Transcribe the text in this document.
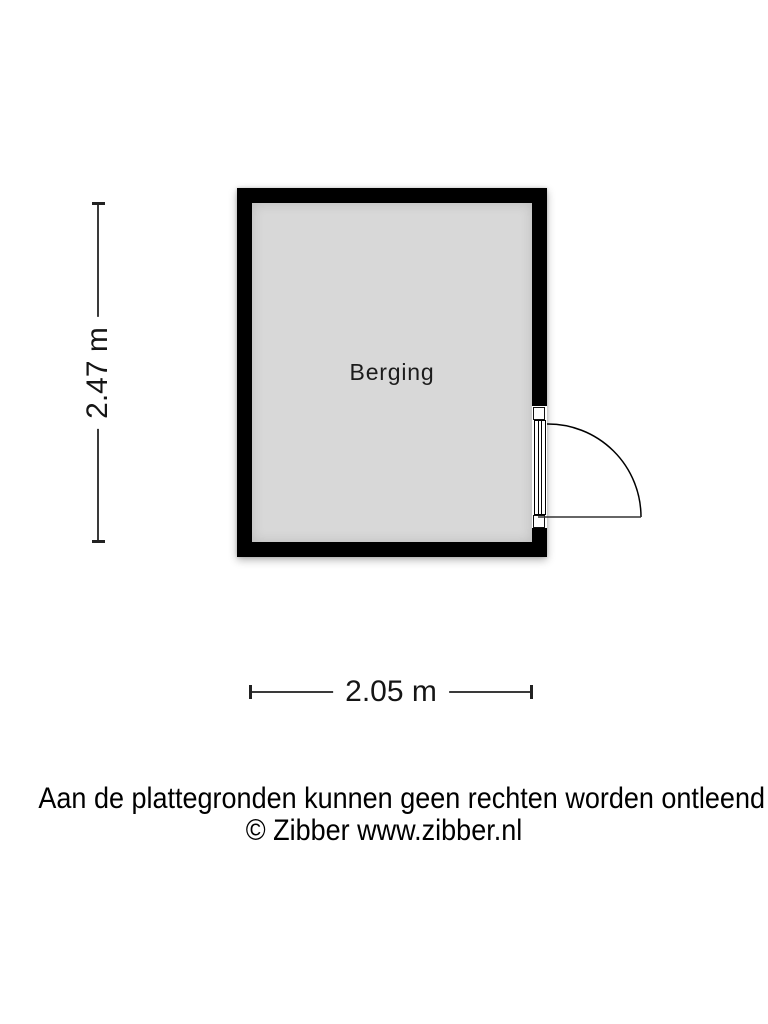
Berging
2.47 m
2.05 m
Aan de plattegronden kunnen geen rechten worden ontleend
© Zibber www.zibber.nl
